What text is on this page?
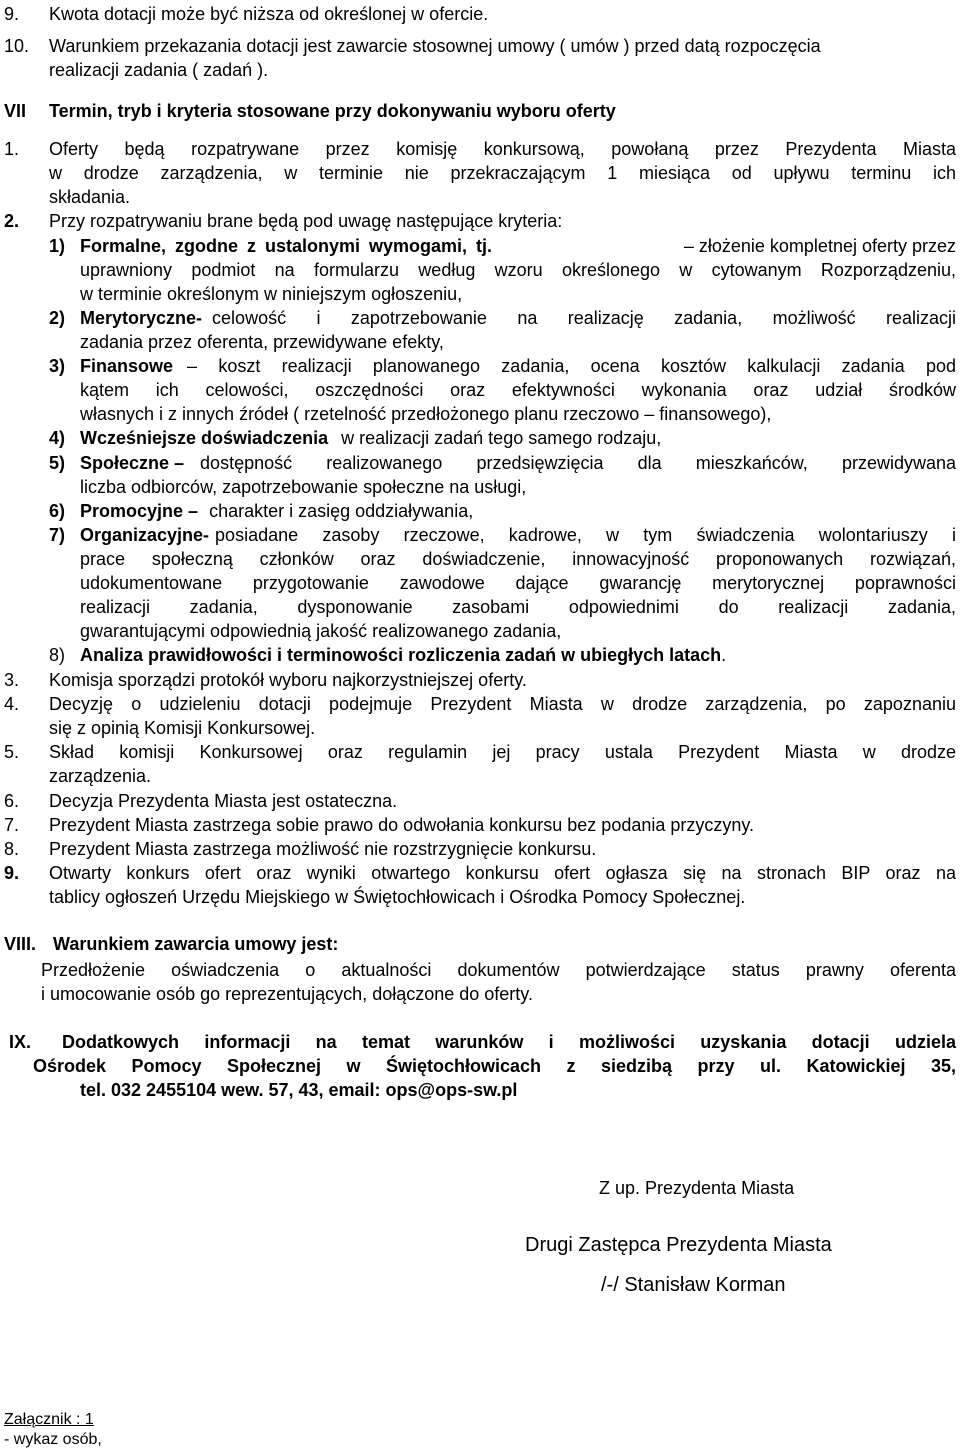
9. Kwota dotacji może być niższa od określonej w ofercie.
10. Warunkiem przekazania dotacji jest zawarcie stosownej umowy ( umów ) przed datą rozpoczęcia
realizacji zadania ( zadań ).
VII Termin, tryb i kryteria stosowane przy dokonywaniu wyboru oferty
1. Oferty będą rozpatrywane przez komisję konkursową, powołaną przez Prezydenta Miasta
w drodze zarządzenia, w terminie nie przekraczającym 1 miesiąca od upływu terminu ich
składania.
2. Przy rozpatrywaniu brane będą pod uwagę następujące kryteria:
1) Formalne, zgodne z ustalonymi wymogami, tj.	– złożenie kompletnej oferty przez
uprawniony podmiot na formularzu według wzoru określonego w cytowanym Rozporządzeniu,
w terminie określonym w niniejszym ogłoszeniu,
2) Merytoryczne- celowość i zapotrzebowanie na realizację zadania, możliwość realizacji
zadania przez oferenta, przewidywane efekty,
3) Finansowe – koszt realizacji planowanego zadania, ocena kosztów kalkulacji zadania pod
kątem ich celowości, oszczędności oraz efektywności wykonania oraz udział środków
własnych i z innych źródeł ( rzetelność przedłożonego planu rzeczowo – finansowego),
4) Wcześniejsze doświadczenia w realizacji zadań tego samego rodzaju,
5) Społeczne – dostępność realizowanego przedsięwzięcia dla mieszkańców, przewidywana
liczba odbiorców, zapotrzebowanie społeczne na usługi,
6) Promocyjne – charakter i zasięg oddziaływania,
7) Organizacyjne- posiadane zasoby rzeczowe, kadrowe, w tym świadczenia wolontariuszy i
prace społeczną członków oraz doświadczenie, innowacyjność proponowanych rozwiązań,
udokumentowane przygotowanie zawodowe dające gwarancję merytorycznej poprawności
realizacji zadania, dysponowanie zasobami odpowiednimi do realizacji zadania,
gwarantującymi odpowiednią jakość realizowanego zadania,
8) Analiza prawidłowości i terminowości rozliczenia zadań w ubiegłych latach.
3. Komisja sporządzi protokół wyboru najkorzystniejszej oferty.
4. Decyzję o udzieleniu dotacji podejmuje Prezydent Miasta w drodze zarządzenia, po zapoznaniu
się z opinią Komisji Konkursowej.
5. Skład komisji Konkursowej oraz regulamin jej pracy ustala Prezydent Miasta w drodze
zarządzenia.
6. Decyzja Prezydenta Miasta jest ostateczna.
7. Prezydent Miasta zastrzega sobie prawo do odwołania konkursu bez podania przyczyny.
8. Prezydent Miasta zastrzega możliwość nie rozstrzygnięcie konkursu.
9. Otwarty konkurs ofert oraz wyniki otwartego konkursu ofert ogłasza się na stronach BIP oraz na
tablicy ogłoszeń Urzędu Miejskiego w Świętochłowicach i Ośrodka Pomocy Społecznej.
VIII. Warunkiem zawarcia umowy jest:
Przedłożenie oświadczenia o aktualności dokumentów potwierdzające status prawny oferenta
i umocowanie osób go reprezentujących, dołączone do oferty.
IX. Dodatkowych informacji na temat warunków i możliwości uzyskania dotacji udziela
Ośrodek Pomocy Społecznej w Świętochłowicach z siedzibą przy ul. Katowickiej 35,
tel. 032 2455104 wew. 57, 43, email: ops@ops-sw.pl
Z up. Prezydenta Miasta
Drugi Zastępca Prezydenta Miasta
/-/ Stanisław Korman
Załącznik : 1
- wykaz osób,
